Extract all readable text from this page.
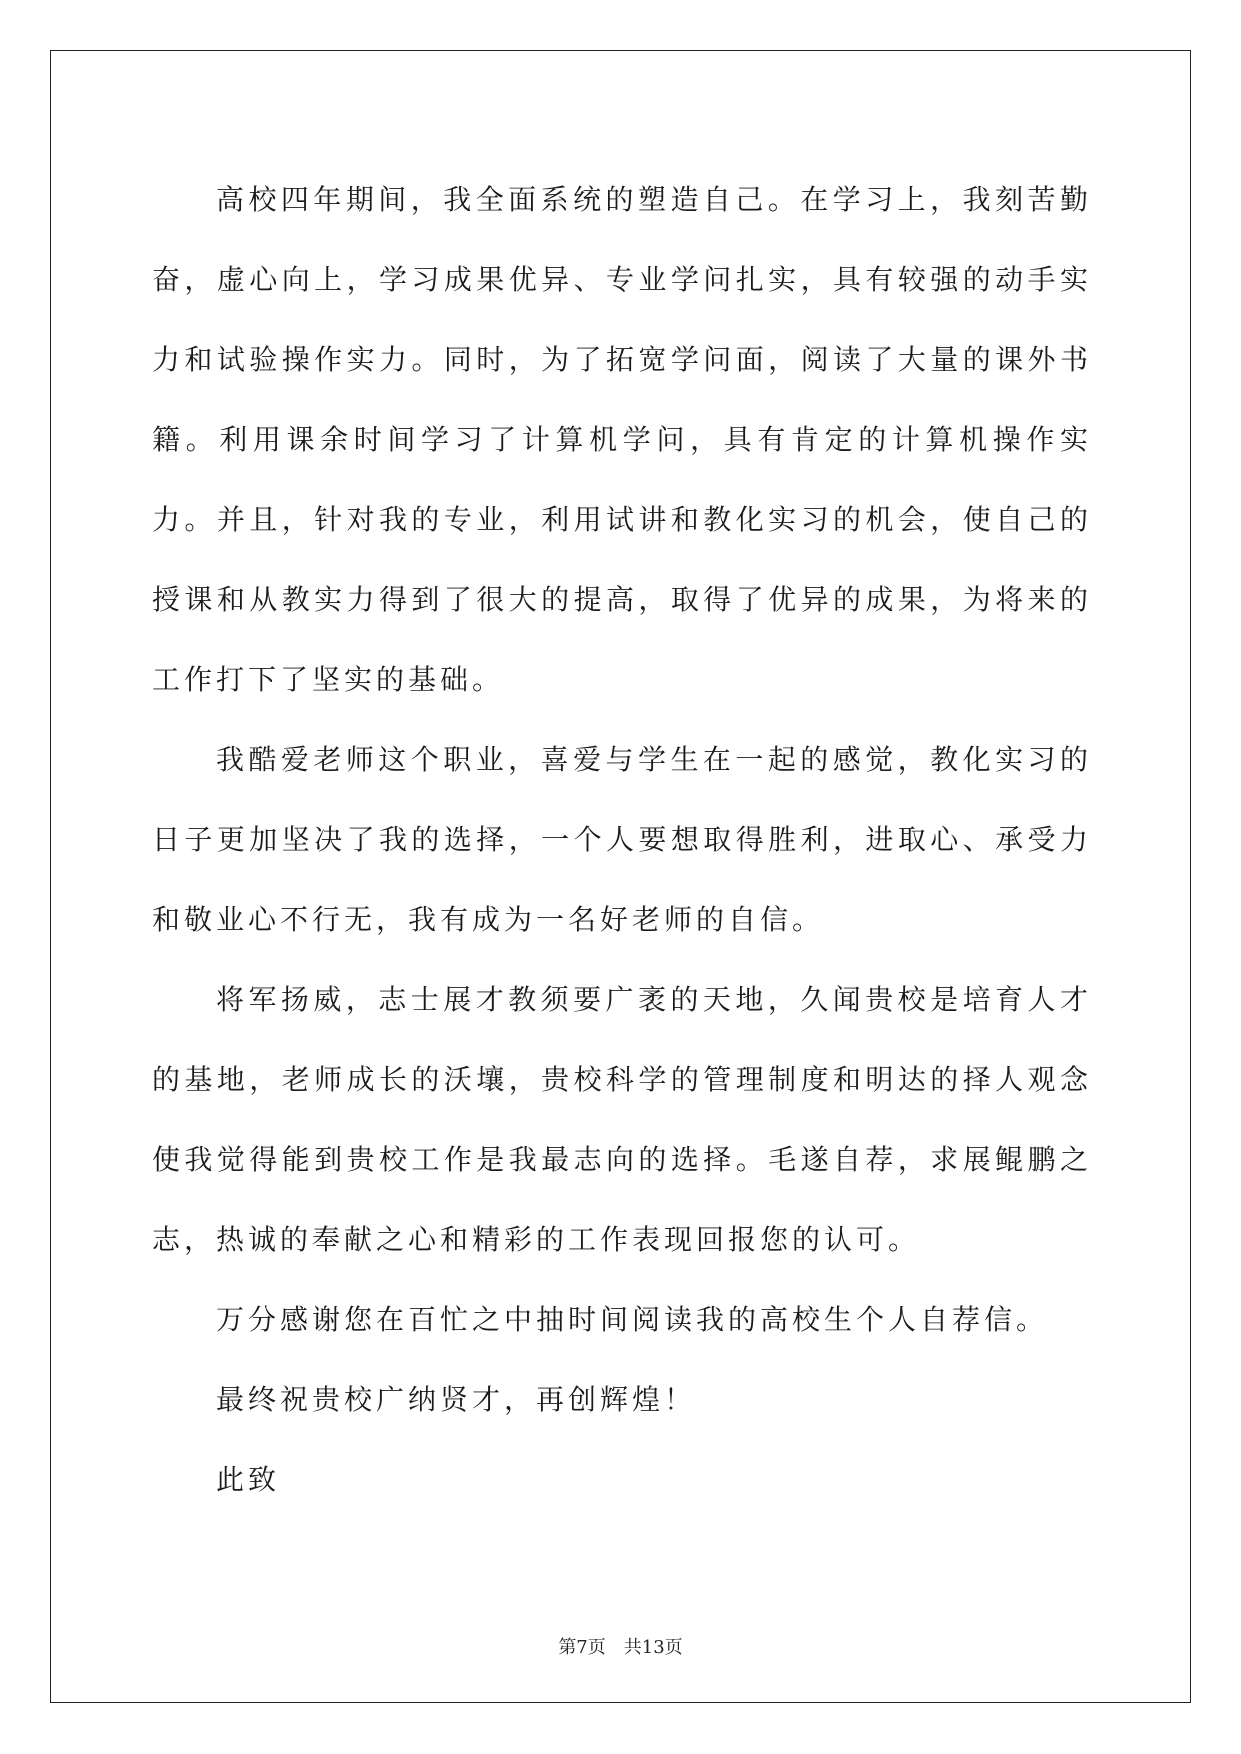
高校四年期间，我全面系统的塑造自己。在学习上，我刻苦勤奋，虚心向上，学习成果优异、专业学问扎实，具有较强的动手实力和试验操作实力。同时，为了拓宽学问面，阅读了大量的课外书籍。利用课余时间学习了计算机学问，具有肯定的计算机操作实力。并且，针对我的专业，利用试讲和教化实习的机会，使自己的授课和从教实力得到了很大的提高，取得了优异的成果，为将来的工作打下了坚实的基础。

我酷爱老师这个职业，喜爱与学生在一起的感觉，教化实习的日子更加坚决了我的选择，一个人要想取得胜利，进取心、承受力和敬业心不行无，我有成为一名好老师的自信。

将军扬威，志士展才教须要广袤的天地，久闻贵校是培育人才的基地，老师成长的沃壤，贵校科学的管理制度和明达的择人观念使我觉得能到贵校工作是我最志向的选择。毛遂自荐，求展鲲鹏之志，热诚的奉献之心和精彩的工作表现回报您的认可。

万分感谢您在百忙之中抽时间阅读我的高校生个人自荐信。

最终祝贵校广纳贤才，再创辉煌！

此致

第7页 共13页
